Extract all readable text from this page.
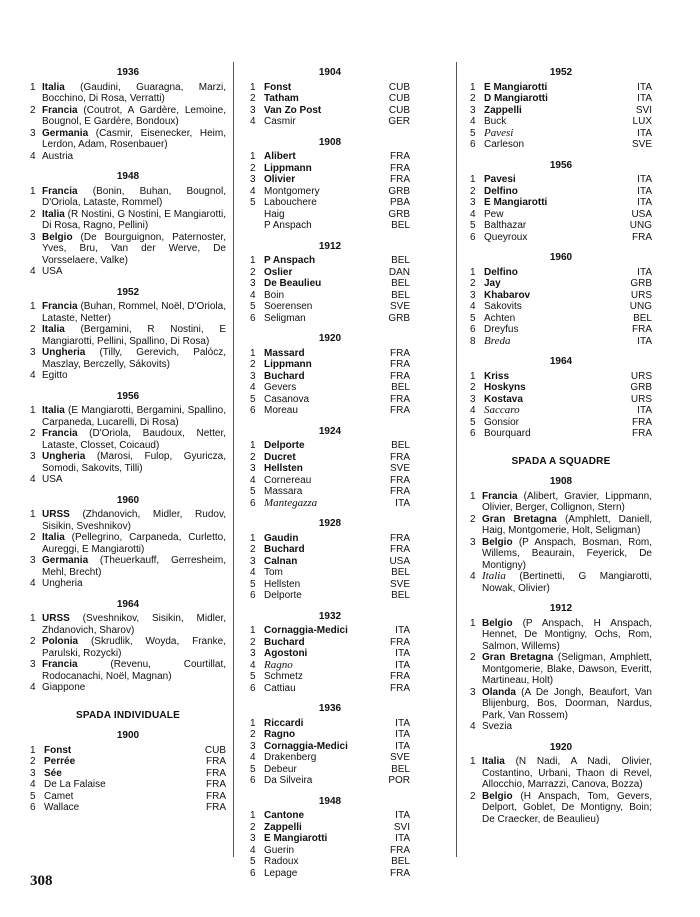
1936
1 Italia (Gaudini, Guaragna, Marzi, Bocchino, Di Rosa, Verratti)
2 Francia (Coutrot, A Gardère, Lemoine, Bougnol, E Gardère, Bondoux)
3 Germania (Casmir, Eisenecker, Heim, Lerdon, Adam, Rosenbauer)
4 Austria
1948
1 Francia (Bonin, Buhan, Bougnol, D'Oriola, Lataste, Rommel)
2 Italia (R Nostini, G Nostini, E Mangiarotti, Di Rosa, Ragno, Pellini)
3 Belgio (De Bourguignon, Paternoster, Yves, Bru, Van der Werve, De Vorsselaere, Valke)
4 USA
1952
1 Francia (Buhan, Rommel, Noël, D'Oriola, Lataste, Netter)
2 Italia (Bergamini, R Nostini, E Mangiarotti, Pellini, Spallino, Di Rosa)
3 Ungheria (Tilly, Gerevich, Palócz, Maszlay, Berczelly, Sákovits)
4 Egitto
1956
1 Italia (E Mangiarotti, Bergamini, Spallino, Carpaneda, Lucarelli, Di Rosa)
2 Francia (D'Oriola, Baudoux, Netter, Lataste, Closset, Coicaud)
3 Ungheria (Marosi, Fulop, Gyuricza, Somodi, Sakovits, Tilli)
4 USA
1960
1 URSS (Zhdanovich, Midler, Rudov, Sisikin, Sveshnikov)
2 Italia (Pellegrino, Carpaneda, Curletto, Aureggi, E Mangiarotti)
3 Germania (Theuerkauff, Gerresheim, Mehl, Brecht)
4 Ungheria
1964
1 URSS (Sveshnikov, Sisikin, Midler, Zhdanovich, Sharov)
2 Polonia (Skrudlik, Woyda, Franke, Parulski, Rozycki)
3 Francia (Revenu, Courtillat, Rodocanachi, Noël, Magnan)
4 Giappone
SPADA INDIVIDUALE
1900
1 Fonst	CUB
2 Perrée	FRA
3 Sée	FRA
4 De La Falaise	FRA
5 Camet	FRA
6 Wallace	FRA
1904
1 Fonst	CUB
2 Tatham	CUB
3 Van Zo Post	CUB
4 Casmir	GER
1908
1 Alibert	FRA
2 Lippmann	FRA
3 Olivier	FRA
4 Montgomery	GRB
5 Labouchere	PBA
Haig	GRB
P Anspach	BEL
1912
1 P Anspach	BEL
2 Oslier	DAN
3 De Beaulieu	BEL
4 Boin	BEL
5 Soerensen	SVE
6 Seligman	GRB
1920
1 Massard	FRA
2 Lippmann	FRA
3 Buchard	FRA
4 Gevers	BEL
5 Casanova	FRA
6 Moreau	FRA
1924
1 Delporte	BEL
2 Ducret	FRA
3 Hellsten	SVE
4 Cornereau	FRA
5 Massara	FRA
6 Mantegazza	ITA
1928
1 Gaudin	FRA
2 Buchard	FRA
3 Calnan	USA
4 Tom	BEL
5 Hellsten	SVE
6 Delporte	BEL
1932
1 Cornaggia-Medici	ITA
2 Buchard	FRA
3 Agostoni	ITA
4 Ragno	ITA
5 Schmetz	FRA
6 Cattiau	FRA
1936
1 Riccardi	ITA
2 Ragno	ITA
3 Cornaggia-Medici	ITA
4 Drakenberg	SVE
5 Debeur	BEL
6 Da Silveira	POR
1948
1 Cantone	ITA
2 Zappelli	SVI
3 E Mangiarotti	ITA
4 Guerin	FRA
5 Radoux	BEL
6 Lepage	FRA
1952
1 E Mangiarotti	ITA
2 D Mangiarotti	ITA
3 Zappelli	SVI
4 Buck	LUX
5 Pavesi	ITA
6 Carleson	SVE
1956
1 Pavesi	ITA
2 Delfino	ITA
3 E Mangiarotti	ITA
4 Pew	USA
5 Balthazar	UNG
6 Queyroux	FRA
1960
1 Delfino	ITA
2 Jay	GRB
3 Khabarov	URS
4 Sakovits	UNG
5 Achten	BEL
6 Dreyfus	FRA
8 Breda	ITA
1964
1 Kriss	URS
2 Hoskyns	GRB
3 Kostava	URS
4 Saccaro	ITA
5 Gonsior	FRA
6 Bourquard	FRA
SPADA A SQUADRE
1908
1 Francia (Alibert, Gravier, Lippmann, Olivier, Berger, Collignon, Stern)
2 Gran Bretagna (Amphlett, Daniell, Haig, Montgomerie, Holt, Seligman)
3 Belgio (P Anspach, Bosman, Rom, Willems, Beaurain, Feyerick, De Montigny)
4 Italia (Bertinetti, G Mangiarotti, Nowak, Olivier)
1912
1 Belgio (P Anspach, H Anspach, Hennet, De Montigny, Ochs, Rom, Salmon, Willems)
2 Gran Bretagna (Seligman, Amphlett, Montgomerie, Blake, Dawson, Everitt, Martineau, Holt)
3 Olanda (A De Jongh, Beaufort, Van Blijenburg, Bos, Doorman, Nardus, Park, Van Rossem)
4 Svezia
1920
1 Italia (N Nadi, A Nadi, Olivier, Costantino, Urbani, Thaon di Revel, Allocchio, Marrazzi, Canova, Bozza)
2 Belgio (H Anspach, Tom, Gevers, Delport, Goblet, De Montigny, Boin; De Craecker, de Beaulieu)
308
